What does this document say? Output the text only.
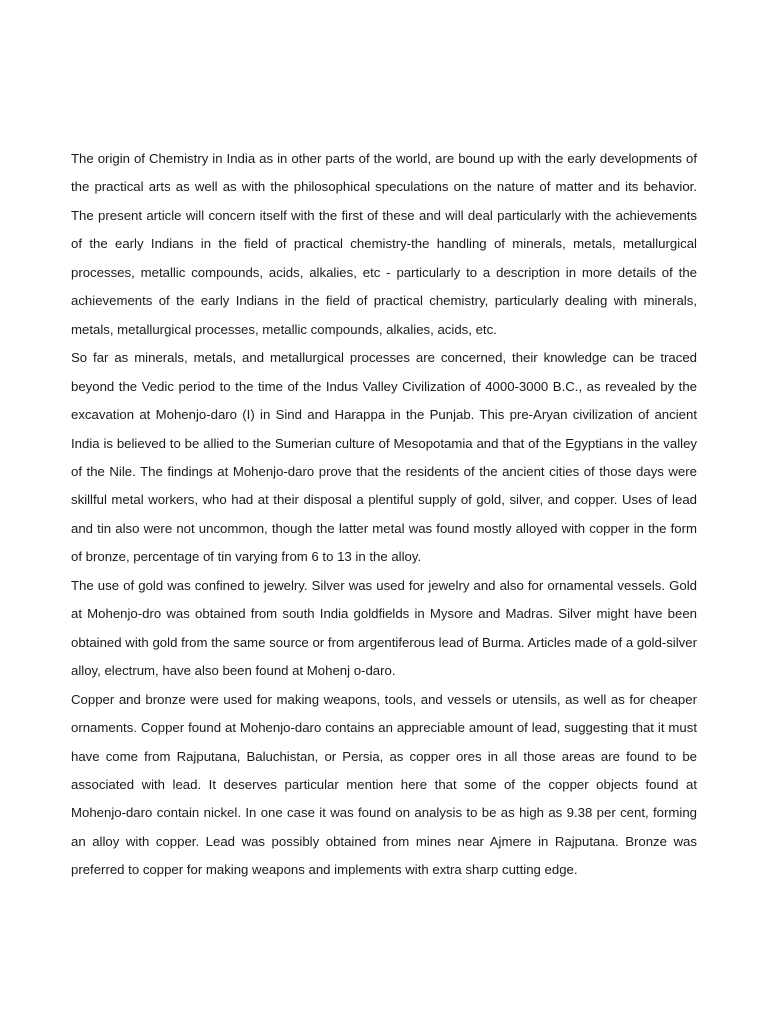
The origin of Chemistry in India as in other parts of the world, are bound up with the early developments of the practical arts as well as with the philosophical speculations on the nature of matter and its behavior. The present article will concern itself with the first of these and will deal particularly with the achievements of the early Indians in the field of practical chemistry-the handling of minerals, metals, metallurgical processes, metallic compounds, acids, alkalies, etc - particularly to a description in more details of the achievements of the early Indians in the field of practical chemistry, particularly dealing with minerals, metals, metallurgical processes, metallic compounds, alkalies, acids, etc.

So far as minerals, metals, and metallurgical processes are concerned, their knowledge can be traced beyond the Vedic period to the time of the Indus Valley Civilization of 4000-3000 B.C., as revealed by the excavation at Mohenjo-daro (I) in Sind and Harappa in the Punjab. This pre-Aryan civilization of ancient India is believed to be allied to the Sumerian culture of Mesopotamia and that of the Egyptians in the valley of the Nile. The findings at Mohenjo-daro prove that the residents of the ancient cities of those days were skillful metal workers, who had at their disposal a plentiful supply of gold, silver, and copper. Uses of lead and tin also were not uncommon, though the latter metal was found mostly alloyed with copper in the form of bronze, percentage of tin varying from 6 to 13 in the alloy.

The use of gold was confined to jewelry. Silver was used for jewelry and also for ornamental vessels. Gold at Mohenjo-dro was obtained from south India goldfields in Mysore and Madras. Silver might have been obtained with gold from the same source or from argentiferous lead of Burma. Articles made of a gold-silver alloy, electrum, have also been found at Mohenj o-daro.

Copper and bronze were used for making weapons, tools, and vessels or utensils, as well as for cheaper ornaments. Copper found at Mohenjo-daro contains an appreciable amount of lead, suggesting that it must have come from Rajputana, Baluchistan, or Persia, as copper ores in all those areas are found to be associated with lead. It deserves particular mention here that some of the copper objects found at Mohenjo-daro contain nickel. In one case it was found on analysis to be as high as 9.38 per cent, forming an alloy with copper. Lead was possibly obtained from mines near Ajmere in Rajputana. Bronze was preferred to copper for making weapons and implements with extra sharp cutting edge.
